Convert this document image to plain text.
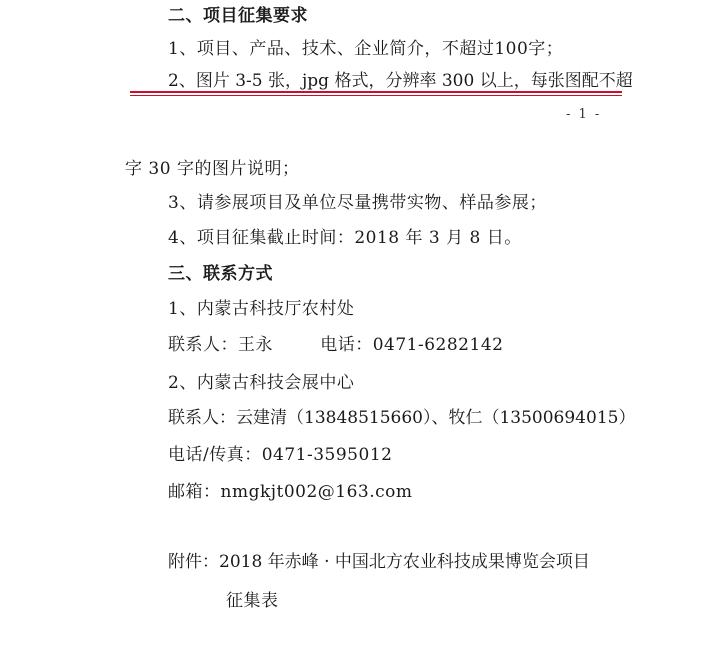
二、项目征集要求
1、项目、产品、技术、企业简介，不超过100字；
2、图片 3-5 张，jpg 格式，分辨率 300 以上，每张图配不超
- 1 -
字 30 字的图片说明；
3、请参展项目及单位尽量携带实物、样品参展；
4、项目征集截止时间：2018 年 3 月 8 日。
三、联系方式
1、内蒙古科技厅农村处
联系人：王永        电话：0471-6282142
2、内蒙古科技会展中心
联系人：云建清（13848515660）、牧仁（13500694015）
电话/传真：0471-3595012
邮箱：nmgkjt002@163.com
附件：2018 年赤峰 · 中国北方农业科技成果博览会项目
征集表
